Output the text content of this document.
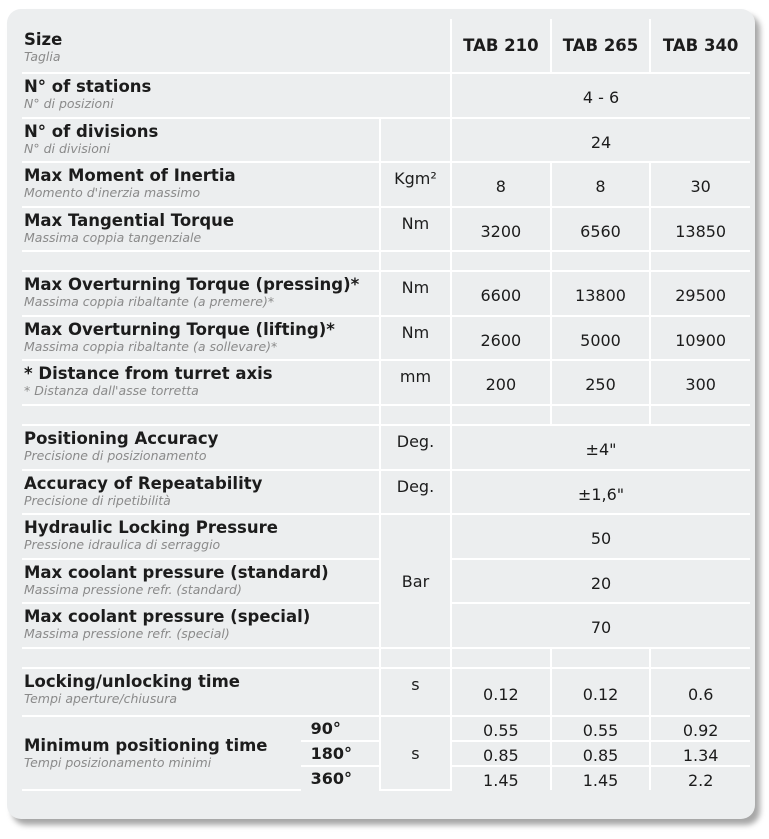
Size
Taglia			TAB 210	TAB 265	TAB 340

N° of stations
N° di posizioni			4 - 6		

N° of divisions
N° di divisioni			24		

Max Moment of Inertia
Momento d'inerzia massimo		Kgm²	8	8	30

Max Tangential Torque
Massima coppia tangenziale		Nm	3200	6560	13850

Max Overturning Torque (pressing)*
Massima coppia ribaltante (a premere)*		Nm	6600	13800	29500

Max Overturning Torque (lifting)*
Massima coppia ribaltante (a sollevare)*		Nm	2600	5000	10900

* Distance from turret axis
* Distanza dall'asse torretta		mm	200	250	300

Positioning Accuracy
Precisione di posizionamento		Deg.	±4"		

Accuracy of Repeatability
Precisione di ripetibilità		Deg.	±1,6"		

Hydraulic Locking Pressure
Pressione idraulica di serraggio		Bar	50		

Max coolant pressure (standard)
Massima pressione refr. (standard)			20		

Max coolant pressure (special)
Massima pressione refr. (special)			70		

Locking/unlocking time
Tempi aperture/chiusura		s	0.12	0.12	0.6

Minimum positioning time
Tempi posizionamento minimi	90°	s	0.55	0.55	0.92
	180°		0.85	0.85	1.34
	360°		1.45	1.45	2.2
